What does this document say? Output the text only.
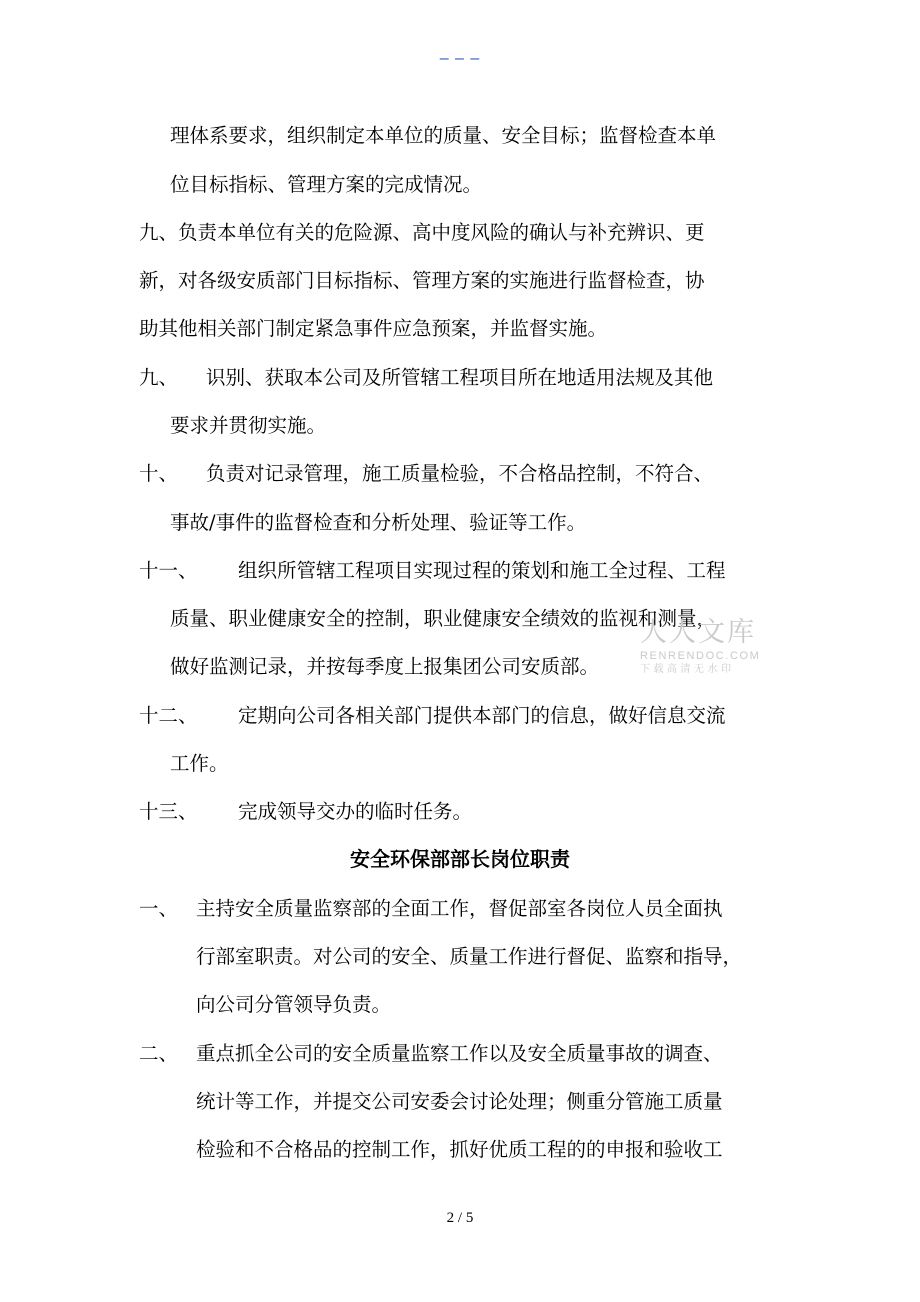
– – –
理体系要求，组织制定本单位的质量、安全目标；监督检查本单
位目标指标、管理方案的完成情况。
九、负责本单位有关的危险源、高中度风险的确认与补充辨识、更
新，对各级安质部门目标指标、管理方案的实施进行监督检查，协
助其他相关部门制定紧急事件应急预案，并监督实施。
九、 识别、获取本公司及所管辖工程项目所在地适用法规及其他
要求并贯彻实施。
十、 负责对记录管理，施工质量检验，不合格品控制，不符合、
事故/事件的监督检查和分析处理、验证等工作。
十一、 组织所管辖工程项目实现过程的策划和施工全过程、工程
质量、职业健康安全的控制，职业健康安全绩效的监视和测量，
做好监测记录，并按每季度上报集团公司安质部。
十二、 定期向公司各相关部门提供本部门的信息，做好信息交流
工作。
十三、 完成领导交办的临时任务。
安全环保部部长岗位职责
一、 主持安全质量监察部的全面工作，督促部室各岗位人员全面执
行部室职责。对公司的安全、质量工作进行督促、监察和指导，
向公司分管领导负责。
二、 重点抓全公司的安全质量监察工作以及安全质量事故的调查、
统计等工作，并提交公司安委会讨论处理；侧重分管施工质量
检验和不合格品的控制工作，抓好优质工程的的申报和验收工
人人文库
RENRENDOC.COM
下载高清无水印
2 / 5
